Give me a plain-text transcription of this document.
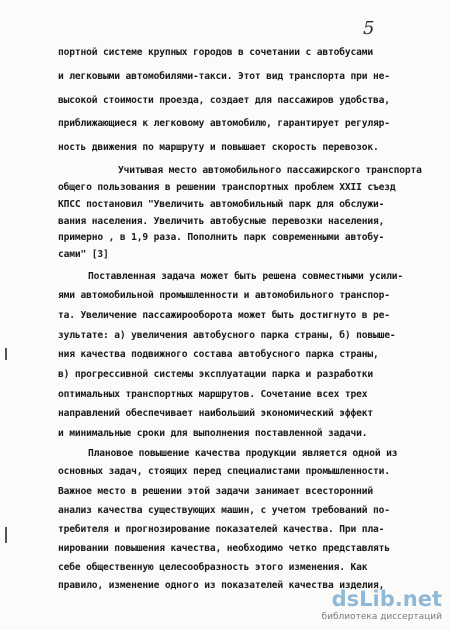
5
портной системе крупных городов в сочетании с автобусами
и легковыми автомобилями-такси. Этот вид транспорта при не-
высокой стоимости проезда, создает для пассажиров удобства,
приближающиеся к легковому автомобилю, гарантирует регуляр-
ность движения по маршруту и повышает скорость перевозок.
Учитывая место автомобильного пассажирского транспорта
общего пользования в решении транспортных проблем XXII съезд
КПСС постановил "Увеличить автомобильный парк для обслужи-
вания населения. Увеличить автобусные перевозки населения,
примерно , в 1,9 раза. Пополнить парк современными автобу-
сами" [3]
Поставленная задача может быть решена совместными усили-
ями автомобильной промышленности и автомобильного транспор-
та. Увеличение пассажирооборота может быть достигнуто в ре-
зультате: а) увеличения автобусного парка страны, б) повыше-
ния качества подвижного состава автобусного парка страны,
в) прогрессивной системы эксплуатации парка и разработки
оптимальных транспортных маршрутов. Сочетание всех трех
направлений обеспечивает наибольший экономический эффект
и минимальные сроки для выполнения поставленной задачи.
Плановое повышение качества продукции является одной из
основных задач, стоящих перед специалистами промышленности.
Важное место в решении этой задачи занимает всесторонний
анализ качества существующих машин, с учетом требований по-
требителя и прогнозирование показателей качества. При пла-
нировании повышения качества, необходимо четко представлять
себе общественную целесообразность этого изменения. Как
правило, изменение одного из показателей качества изделия,
dsLib.net
библиотека диссертаций
